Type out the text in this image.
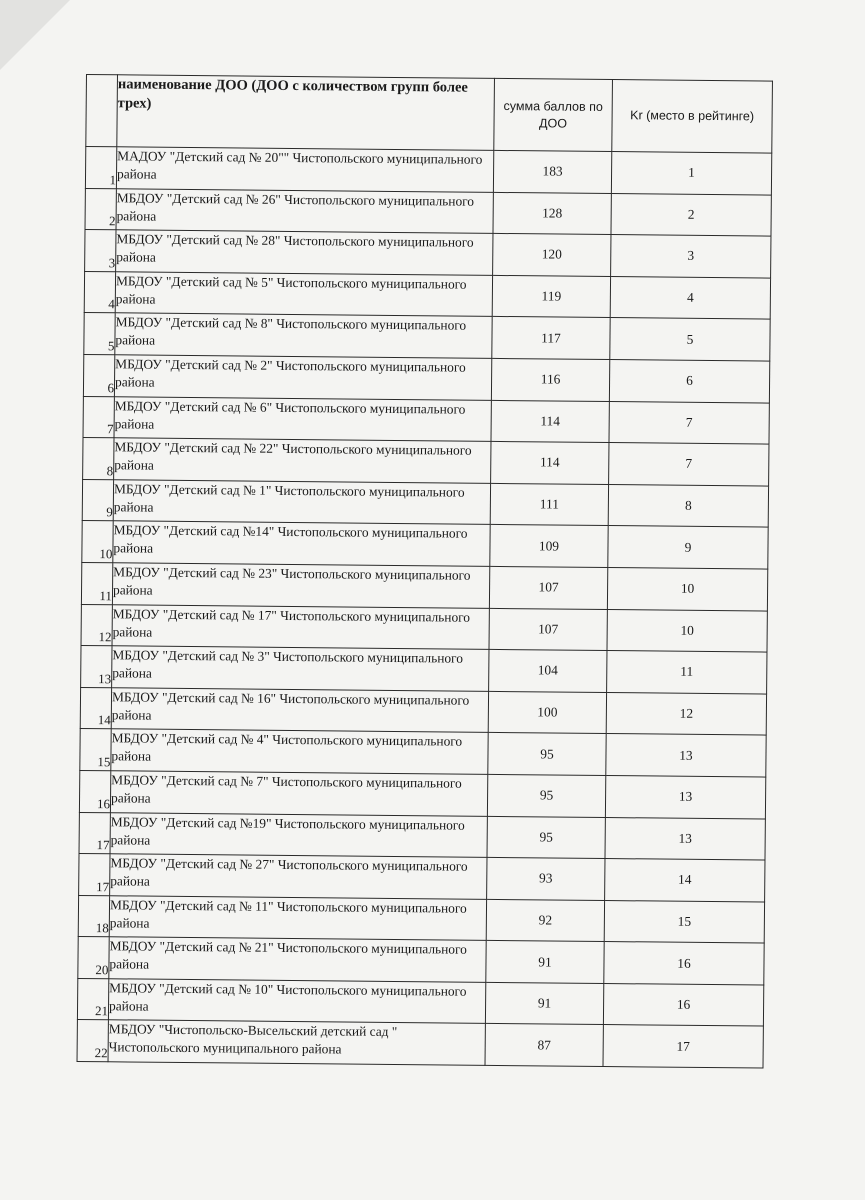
	наименование ДОО (ДОО с количеством групп более трех)	сумма баллов по ДОО	Kr (место в рейтинге)
1	МАДОУ "Детский сад № 20"" Чистопольского муниципального района	183	1
2	МБДОУ "Детский сад № 26" Чистопольского муниципального района	128	2
3	МБДОУ "Детский сад № 28" Чистопольского муниципального района	120	3
4	МБДОУ "Детский сад № 5" Чистопольского муниципального района	119	4
5	МБДОУ "Детский сад № 8" Чистопольского муниципального района	117	5
6	МБДОУ "Детский сад № 2" Чистопольского муниципального района	116	6
7	МБДОУ "Детский сад № 6" Чистопольского муниципального района	114	7
8	МБДОУ "Детский сад № 22" Чистопольского муниципального района	114	7
9	МБДОУ "Детский сад № 1" Чистопольского муниципального района	111	8
10	МБДОУ "Детский сад №14" Чистопольского муниципального района	109	9
11	МБДОУ "Детский сад № 23" Чистопольского муниципального района	107	10
12	МБДОУ "Детский сад № 17" Чистопольского муниципального района	107	10
13	МБДОУ "Детский сад № 3" Чистопольского муниципального района	104	11
14	МБДОУ "Детский сад № 16" Чистопольского муниципального района	100	12
15	МБДОУ "Детский сад № 4" Чистопольского муниципального района	95	13
16	МБДОУ "Детский сад № 7" Чистопольского муниципального района	95	13
17	МБДОУ "Детский сад №19" Чистопольского муниципального района	95	13
17	МБДОУ "Детский сад № 27" Чистопольского муниципального района	93	14
18	МБДОУ "Детский сад № 11" Чистопольского муниципального района	92	15
20	МБДОУ "Детский сад № 21" Чистопольского муниципального района	91	16
21	МБДОУ "Детский сад № 10" Чистопольского муниципального района	91	16
22	МБДОУ "Чистопольско-Высельский детский сад " Чистопольского муниципального района	87	17
